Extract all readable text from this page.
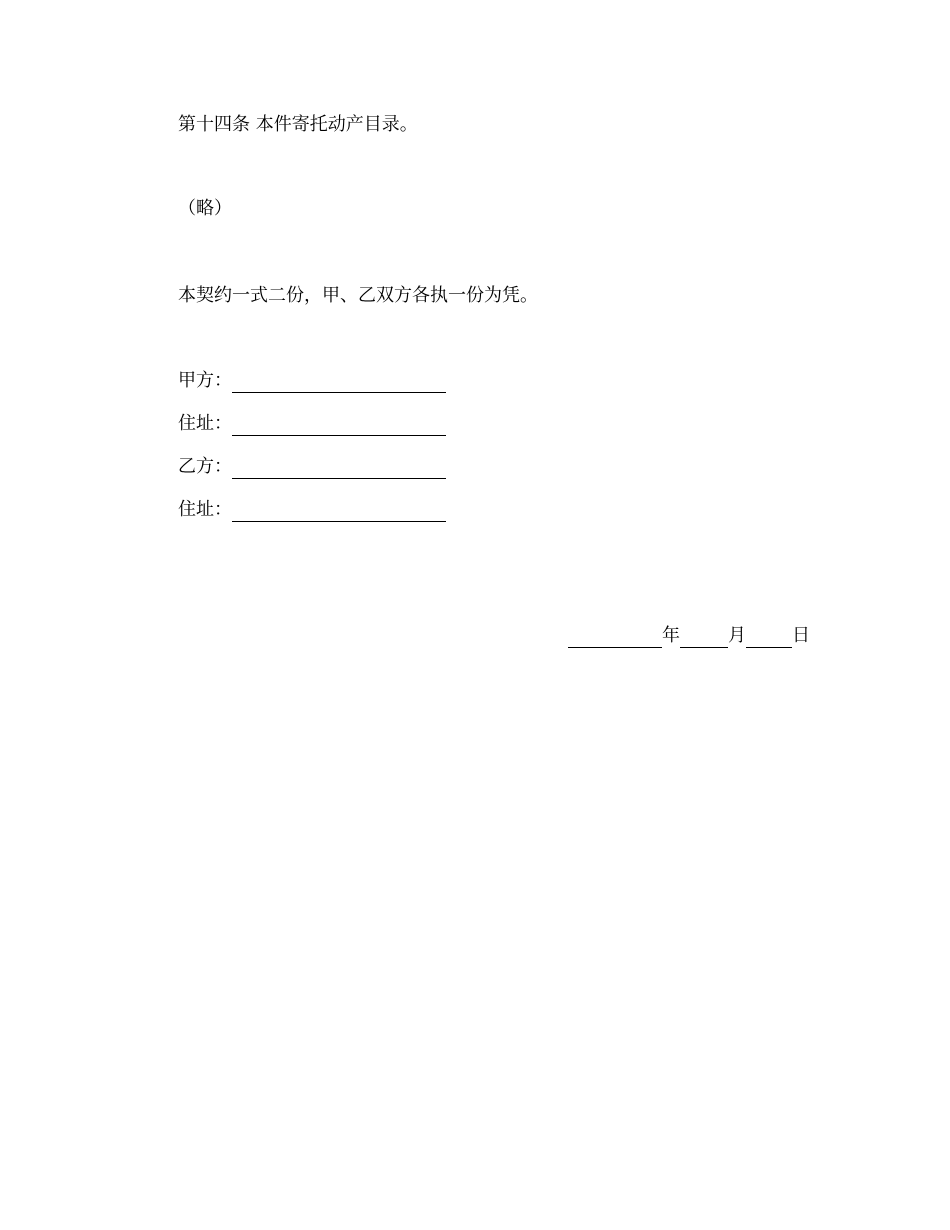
第十四条 本件寄托动产目录。
（略）
本契约一式二份，甲、乙双方各执一份为凭。
甲方：
住址：
乙方：
住址：
年	月	日
